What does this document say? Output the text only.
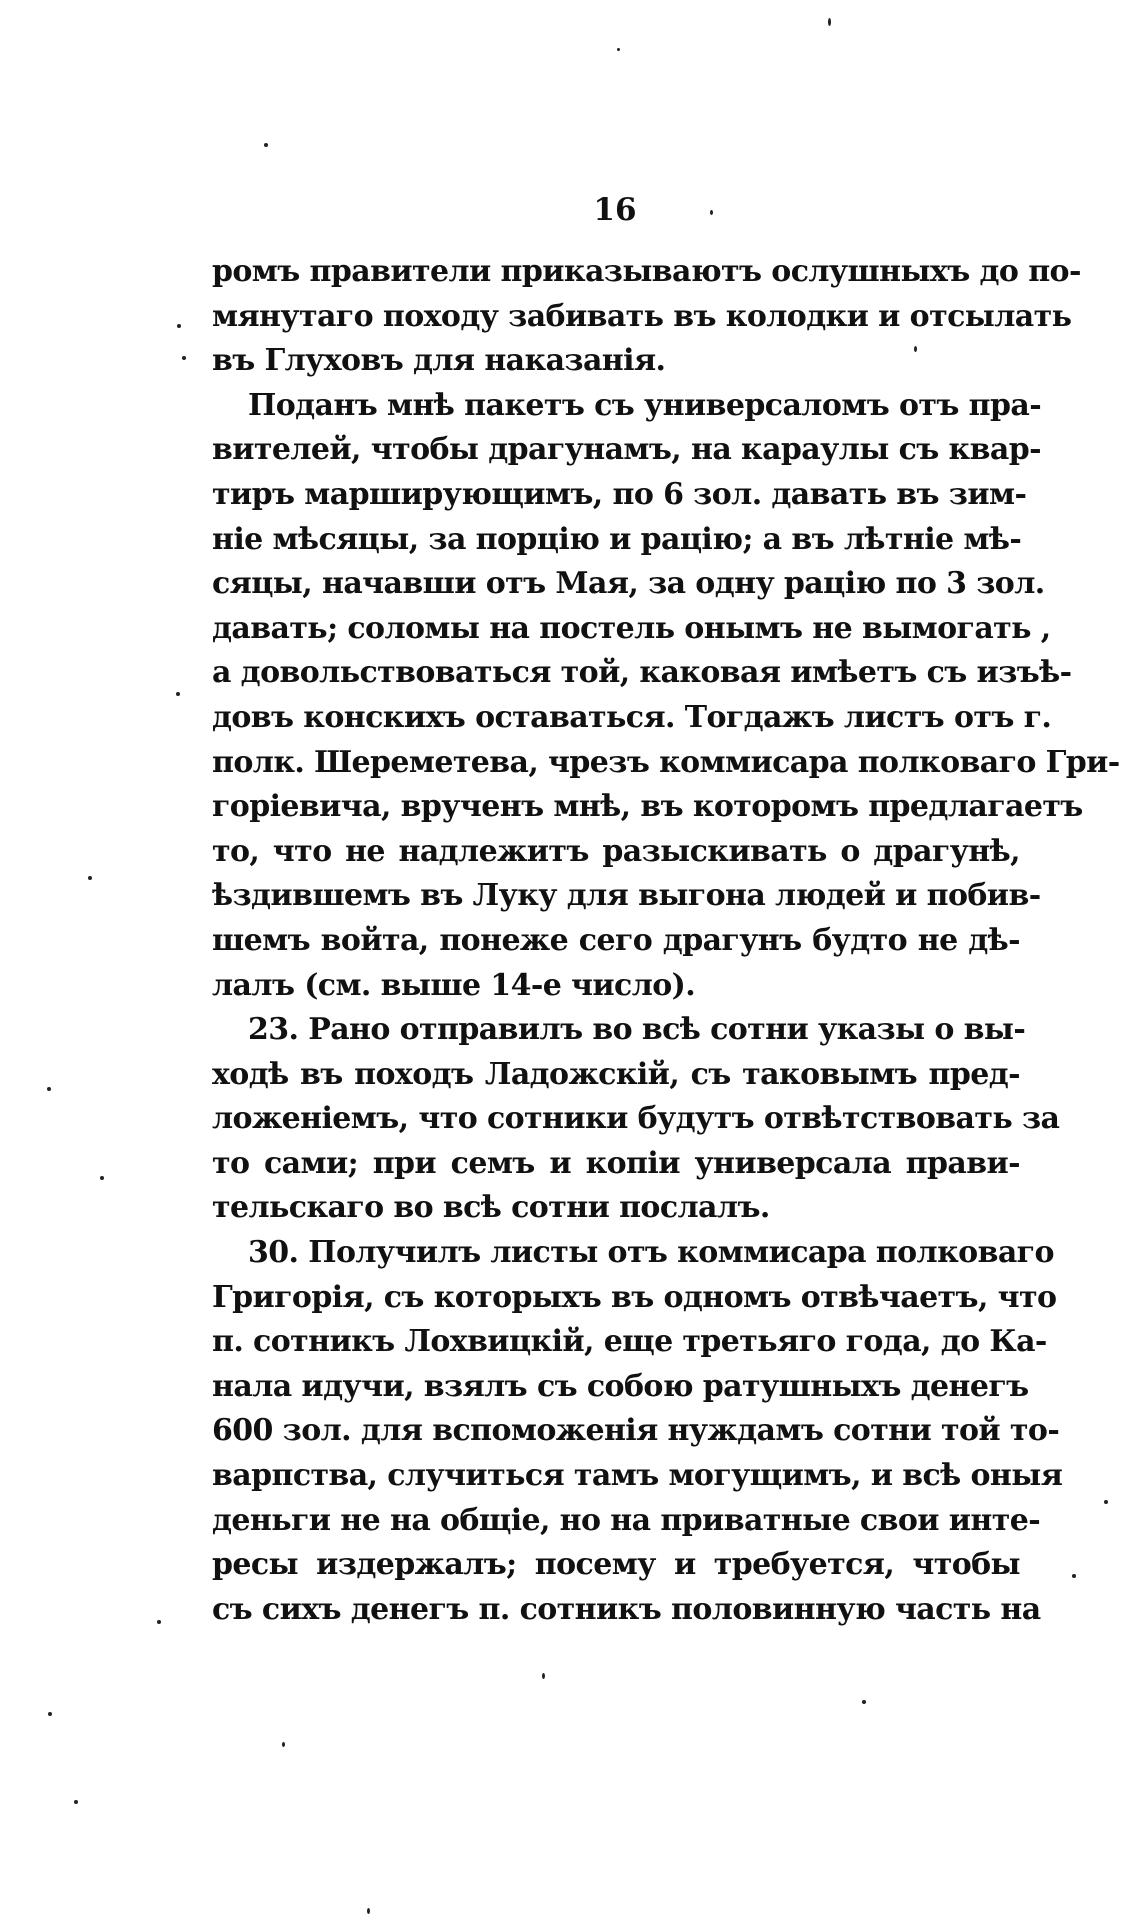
16
ромъ правители приказываютъ ослушныхъ до по-
мянутаго походу забивать въ колодки и отсылать
въ Глуховъ для наказанія.
Поданъ мнѣ пакетъ съ универсаломъ отъ пра-
вителей, чтобы драгунамъ, на караулы съ квар-
тиръ марширующимъ, по 6 зол. давать въ зим-
ніе мѣсяцы, за порцію и рацію; а въ лѣтніе мѣ-
сяцы, начавши отъ Мая, за одну рацію по 3 зол.
давать; соломы на постель онымъ не вымогать ,
а довольствоваться той, каковая имѣетъ съ изъѣ-
довъ конскихъ оставаться. Тогдажъ листъ отъ г.
полк. Шереметева, чрезъ коммисара полковаго Гри-
горіевича, врученъ мнѣ, въ которомъ предлагаетъ
то, что не надлежитъ разыскивать о драгунѣ,
ѣздившемъ въ Луку для выгона людей и побив-
шемъ войта, понеже сего драгунъ будто не дѣ-
лалъ (см. выше 14-е число).
23. Рано отправилъ во всѣ сотни указы о вы-
ходѣ въ походъ Ладожскій, съ таковымъ пред-
ложеніемъ, что сотники будутъ отвѣтствовать за
то сами; при семъ и копіи универсала прави-
тельскаго во всѣ сотни послалъ.
30. Получилъ листы отъ коммисара полковаго
Григорія, съ которыхъ въ одномъ отвѣчаетъ, что
п. сотникъ Лохвицкій, еще третьяго года, до Ка-
нала идучи, взялъ съ собою ратушныхъ денегъ
600 зол. для вспоможенія нуждамъ сотни той то-
варпства, случиться тамъ могущимъ, и всѣ оныя
деньги не на общіе, но на приватные свои инте-
ресы издержалъ; посему и требуется, чтобы
съ сихъ денегъ п. сотникъ половинную часть на
